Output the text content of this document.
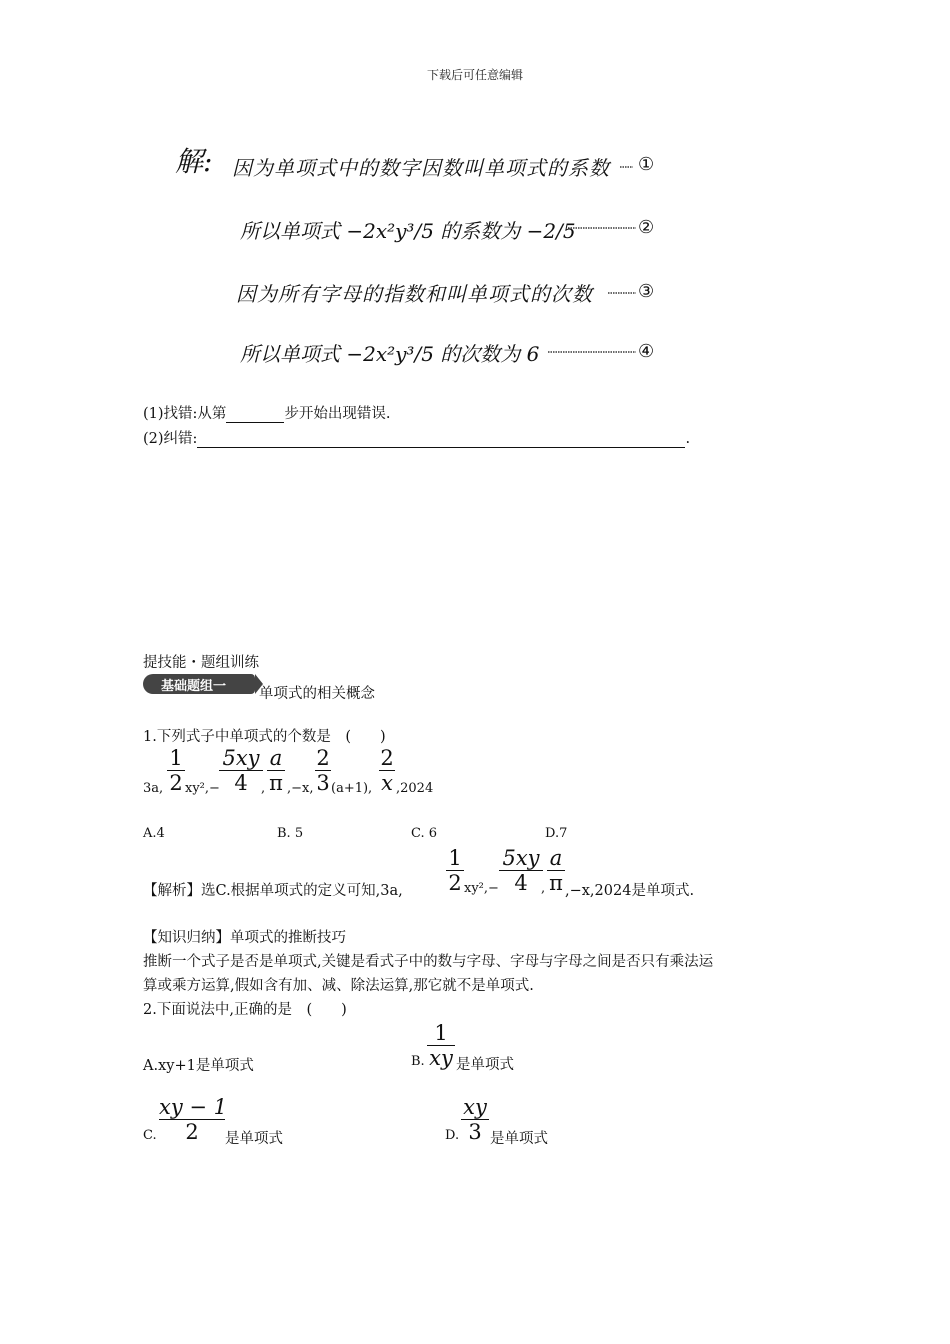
下载后可任意编辑
解: 因为单项式中的数字因数叫单项式的系数 ①
所以单项式 −2x²y³/5 的系数为 −2/5	②
因为所有字母的指数和叫单项式的次数	③
所以单项式 −2x²y³/5 的次数为 6	④
(1)找错:从第	步开始出现错误.
(2)纠错:	.
提技能・题组训练
基础题组一 单项式的相关概念
1.下列式子中单项式的个数是　(　　)
3a,
1
2 xy²,−
5xy
4	,
a
π ,−x,
2
3 (a+1),
2
x ,2024
A.4	B. 5	C. 6	D.7
【解析】选C.根据单项式的定义可知,3a,
1
2 xy²,−
5xy
4	,
a
π ,−x,2024是单项式.
【知识归纳】单项式的推断技巧
推断一个式子是否是单项式,关键是看式子中的数与字母、字母与字母之间是否只有乘法运
算或乘方运算,假如含有加、减、除法运算,那它就不是单项式.
2.下面说法中,正确的是　(　　)
A.xy+1是单项式	B.
1
xy 是单项式
C.
xy − 1
2	是单项式	D.
xy
3 是单项式
